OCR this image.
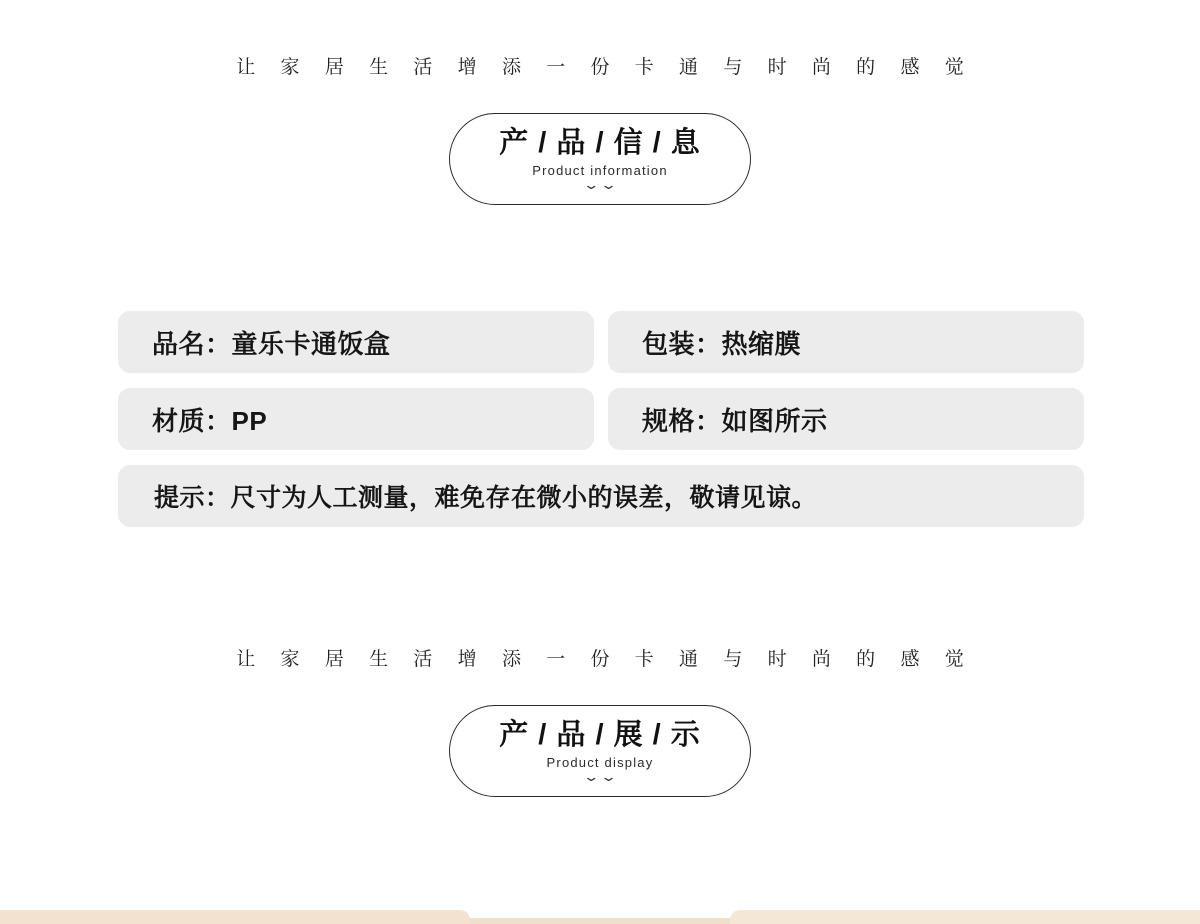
让 家 居 生 活 增 添 一 份 卡 通 与 时 尚 的 感 觉
产 / 品 / 信 / 息
Product information
⌄⌄
品名：童乐卡通饭盒	包装：热缩膜
材质：PP	规格：如图所示
提示：尺寸为人工测量，难免存在微小的误差，敬请见谅。
让 家 居 生 活 增 添 一 份 卡 通 与 时 尚 的 感 觉
产 / 品 / 展 / 示
Product display
⌄⌄
